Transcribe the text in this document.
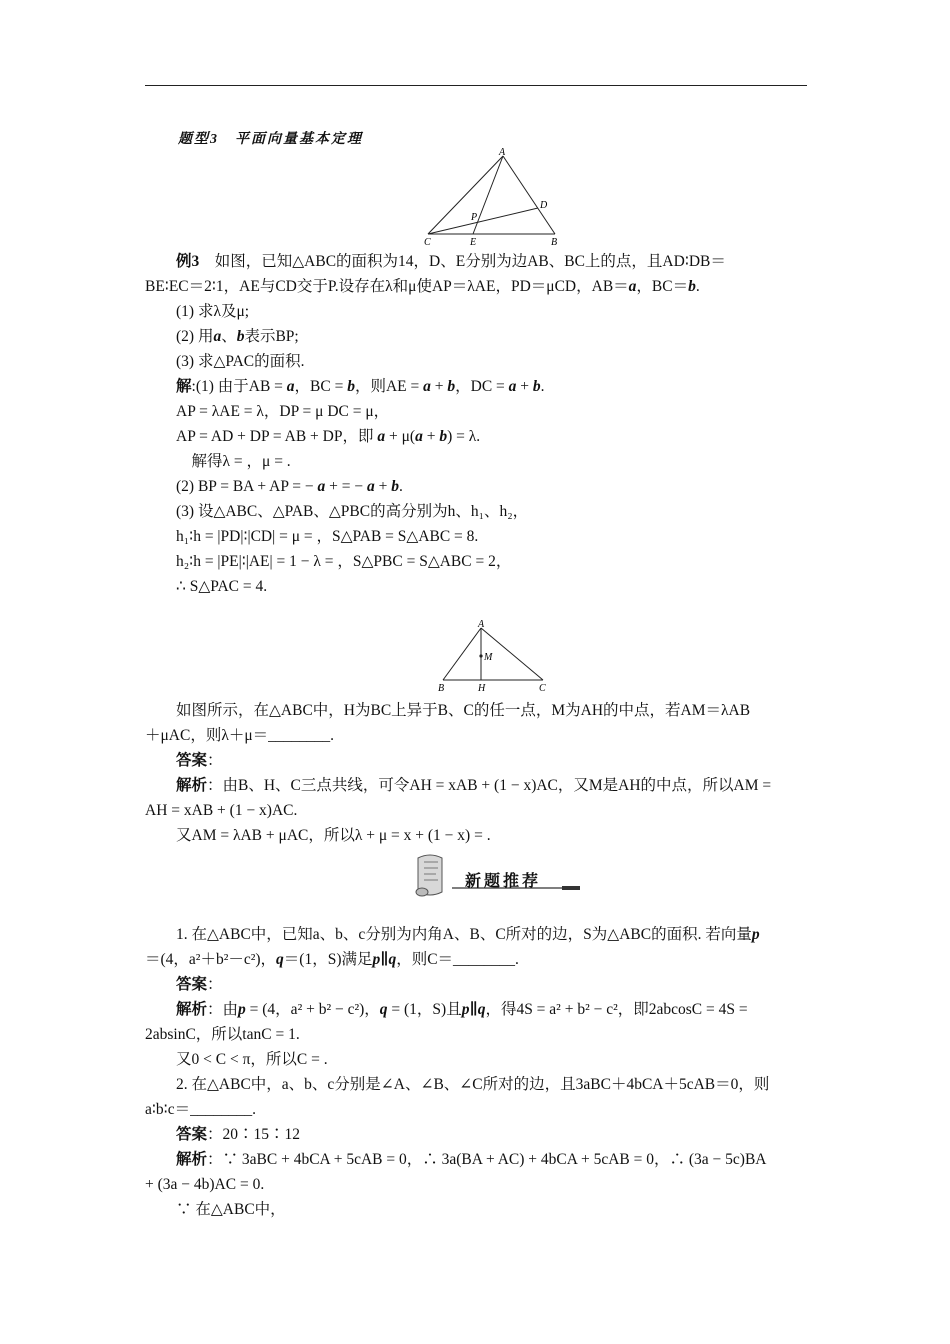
题型3　平面向量基本定理
A
D
P
C	E	B
例3　如图，已知△ABC的面积为14，D、E分别为边AB、BC上的点，且AD∶DB＝
BE∶EC＝2∶1，AE与CD交于P.设存在λ和μ使AP＝λAE，PD＝μCD，AB＝a，BC＝b.
(1) 求λ及μ;
(2) 用a、b表示BP;
(3) 求△PAC的面积.
解:(1) 由于AB = a，BC = b，则AE = a + b，DC = a + b.
AP = λAE = λ，DP = μ DC = μ，
AP = AD + DP = AB + DP，即 a + μ(a + b) = λ.
　解得λ = ，μ = .
(2) BP = BA + AP = − a + = − a + b.
(3) 设△ABC、△PAB、△PBC的高分别为h、h₁、h₂，
h₁∶h = |PD|∶|CD| = μ = ，S△PAB = S△ABC = 8.
h₂∶h = |PE|∶|AE| = 1 − λ = ，S△PBC = S△ABC = 2，
∴ S△PAC = 4.
A
M
B	H	C
如图所示，在△ABC中，H为BC上异于B、C的任一点，M为AH的中点，若AM＝λAB
＋μAC，则λ＋μ＝________.
答案：
解析：由B、H、C三点共线，可令AH = xAB + (1 − x)AC，又M是AH的中点，所以AM =
AH = xAB + (1 − x)AC.
又AM = λAB + μAC，所以λ + μ = x + (1 − x) = .
新题推荐
1. 在△ABC中，已知a、b、c分别为内角A、B、C所对的边，S为△ABC的面积. 若向量p
＝(4，a²＋b²－c²)，q＝(1，S)满足p∥q，则C＝________.
答案：
解析：由p = (4，a² + b² − c²)，q = (1，S)且p∥q，得4S = a² + b² − c²，即2abcosC = 4S =
2absinC，所以tanC = 1.
又0 < C < π，所以C = .
2. 在△ABC中，a、b、c分别是∠A、∠B、∠C所对的边，且3aBC＋4bCA＋5cAB＝0，则
a∶b∶c＝________.
答案：20∶15∶12
解析：∵ 3aBC + 4bCA + 5cAB = 0，∴ 3a(BA + AC) + 4bCA + 5cAB = 0，∴ (3a − 5c)BA
+ (3a − 4b)AC = 0.
∵ 在△ABC中，
